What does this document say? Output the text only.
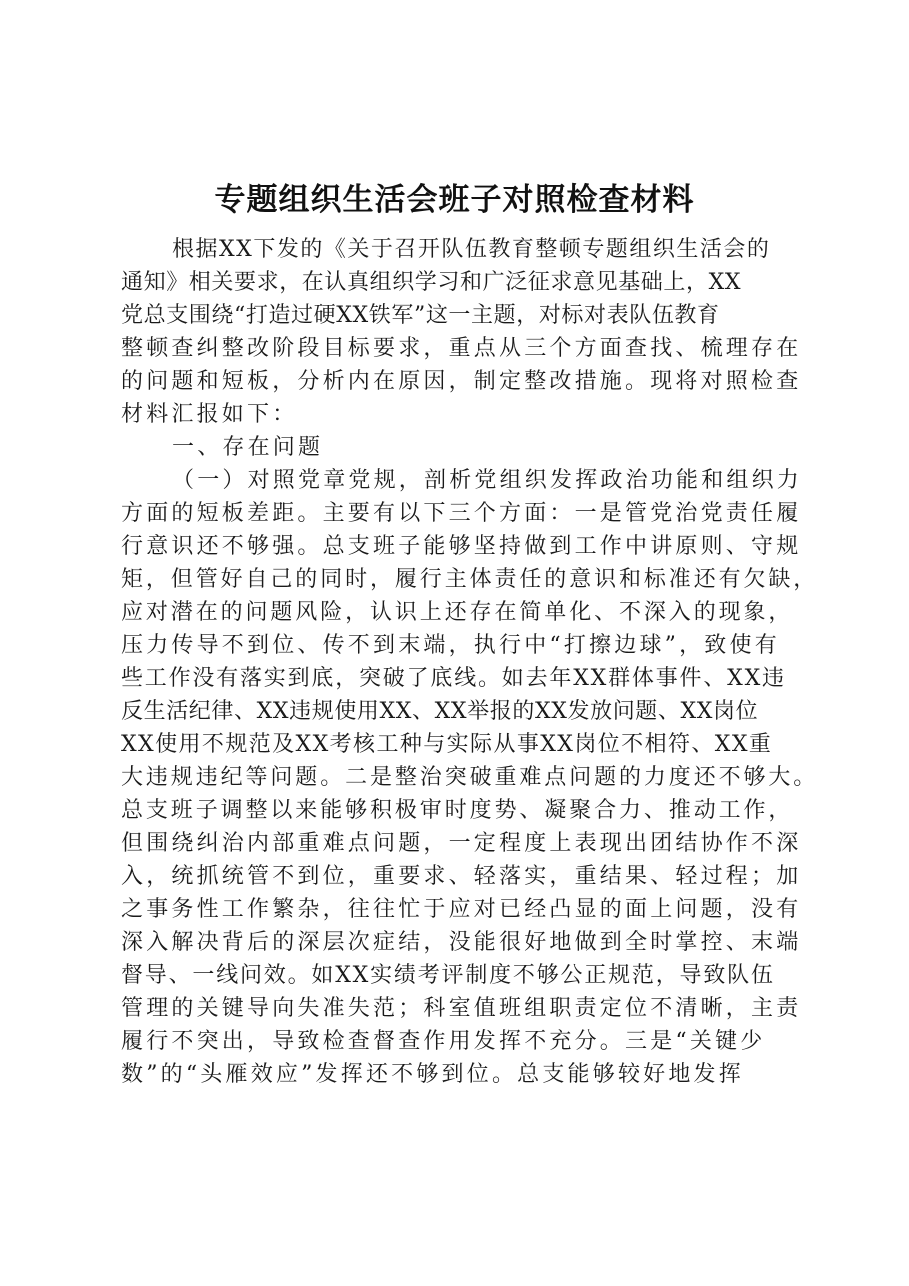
专题组织生活会班子对照检查材料
根据XX下发的《关于召开队伍教育整顿专题组织生活会的
通知》相关要求，在认真组织学习和广泛征求意见基础上，XX
党总支围绕“打造过硬XX铁军”这一主题，对标对表队伍教育
整顿查纠整改阶段目标要求，重点从三个方面查找、梳理存在
的问题和短板，分析内在原因，制定整改措施。现将对照检查
材料汇报如下：
一、存在问题
（一）对照党章党规，剖析党组织发挥政治功能和组织力
方面的短板差距。主要有以下三个方面：一是管党治党责任履
行意识还不够强。总支班子能够坚持做到工作中讲原则、守规
矩，但管好自己的同时，履行主体责任的意识和标准还有欠缺，
应对潜在的问题风险，认识上还存在简单化、不深入的现象，
压力传导不到位、传不到末端，执行中“打擦边球”，致使有
些工作没有落实到底，突破了底线。如去年XX群体事件、XX违
反生活纪律、XX违规使用XX、XX举报的XX发放问题、XX岗位
XX使用不规范及XX考核工种与实际从事XX岗位不相符、XX重
大违规违纪等问题。二是整治突破重难点问题的力度还不够大。
总支班子调整以来能够积极审时度势、凝聚合力、推动工作，
但围绕纠治内部重难点问题，一定程度上表现出团结协作不深
入，统抓统管不到位，重要求、轻落实，重结果、轻过程；加
之事务性工作繁杂，往往忙于应对已经凸显的面上问题，没有
深入解决背后的深层次症结，没能很好地做到全时掌控、末端
督导、一线问效。如XX实绩考评制度不够公正规范，导致队伍
管理的关键导向失准失范；科室值班组职责定位不清晰，主责
履行不突出，导致检查督查作用发挥不充分。三是“关键少
数”的“头雁效应”发挥还不够到位。总支能够较好地发挥
